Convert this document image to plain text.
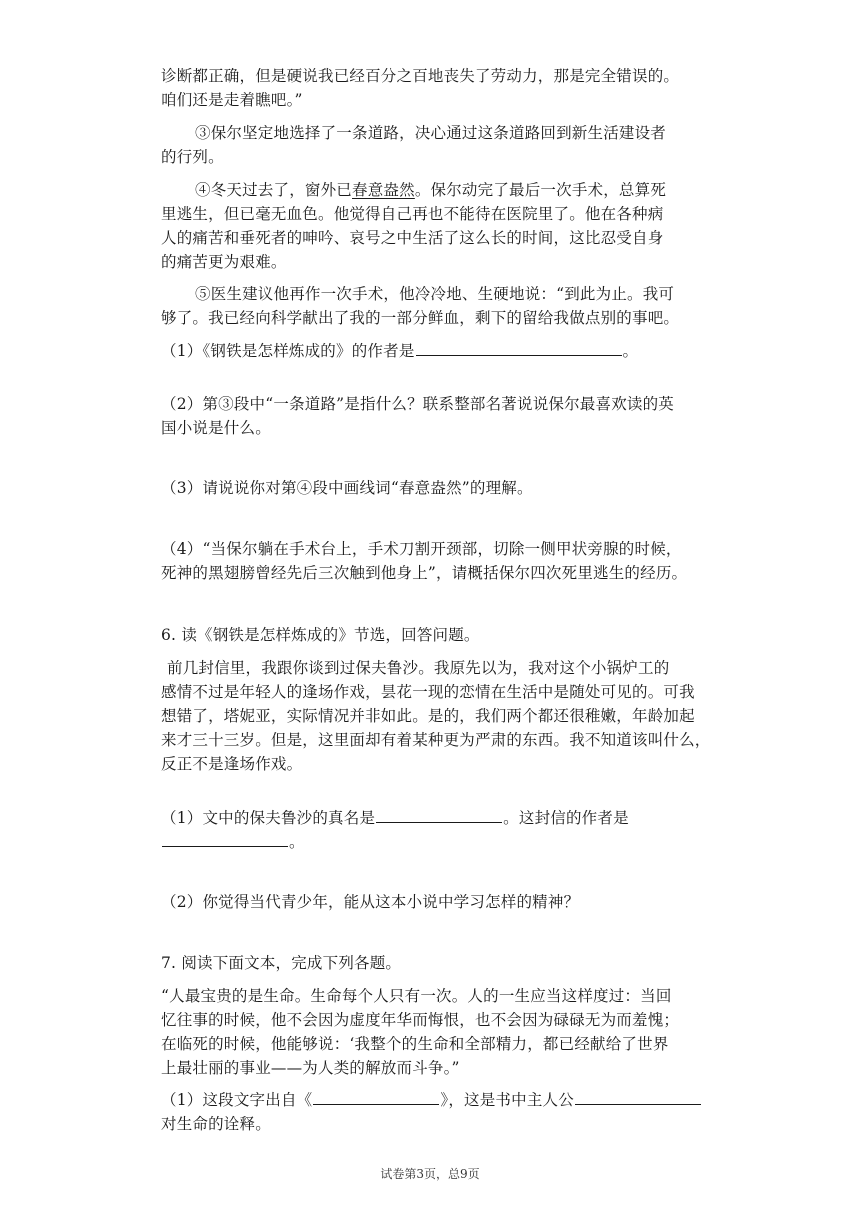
诊断都正确，但是硬说我已经百分之百地丧失了劳动力，那是完全错误的。
咱们还是走着瞧吧。”
③保尔坚定地选择了一条道路，决心通过这条道路回到新生活建设者
的行列。
④冬天过去了，窗外已春意盎然。保尔动完了最后一次手术，总算死
里逃生，但已毫无血色。他觉得自己再也不能待在医院里了。他在各种病
人的痛苦和垂死者的呻吟、哀号之中生活了这么长的时间，这比忍受自身
的痛苦更为艰难。
⑤医生建议他再作一次手术，他冷冷地、生硬地说：“到此为止。我可
够了。我已经向科学献出了我的一部分鲜血，剩下的留给我做点别的事吧。
（1）《钢铁是怎样炼成的》的作者是	。
（2）第③段中“一条道路”是指什么？联系整部名著说说保尔最喜欢读的英
国小说是什么。
（3）请说说你对第④段中画线词“春意盎然”的理解。
（4）“当保尔躺在手术台上，手术刀割开颈部，切除一侧甲状旁腺的时候，
死神的黑翅膀曾经先后三次触到他身上”，请概括保尔四次死里逃生的经历。
6. 读《钢铁是怎样炼成的》节选，回答问题。
前几封信里，我跟你谈到过保夫鲁沙。我原先以为，我对这个小锅炉工的
感情不过是年轻人的逢场作戏，昙花一现的恋情在生活中是随处可见的。可我
想错了，塔妮亚，实际情况并非如此。是的，我们两个都还很稚嫩，年龄加起
来才三十三岁。但是，这里面却有着某种更为严肃的东西。我不知道该叫什么，
反正不是逢场作戏。
（1）文中的保夫鲁沙的真名是	。这封信的作者是
。
（2）你觉得当代青少年，能从这本小说中学习怎样的精神？
7. 阅读下面文本，完成下列各题。
“人最宝贵的是生命。生命每个人只有一次。人的一生应当这样度过：当回
忆往事的时候，他不会因为虚度年华而悔恨，也不会因为碌碌无为而羞愧；
在临死的时候，他能够说：‘我整个的生命和全部精力，都已经献给了世界
上最壮丽的事业——为人类的解放而斗争。”
（1）这段文字出自《	》，这是书中主人公
对生命的诠释。
试卷第3页，总9页
